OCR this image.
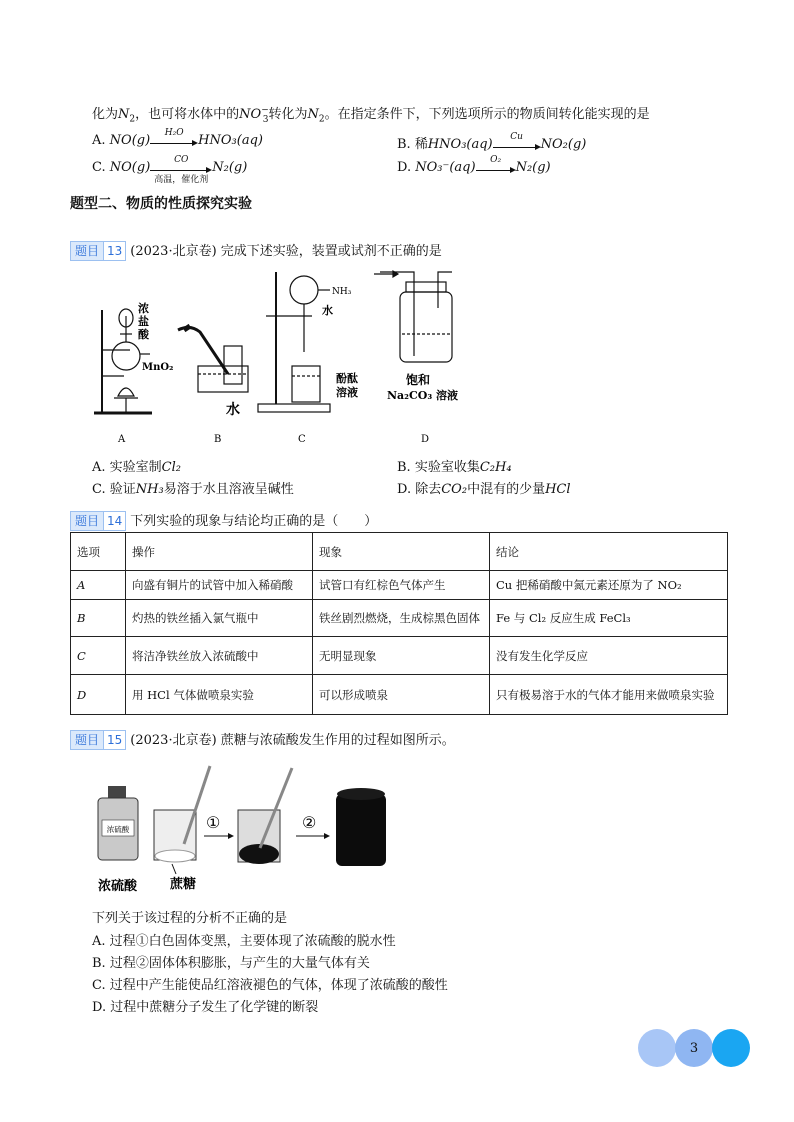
化为$N_2$，也可将水体中的$NO^-_3$转化为$N_2$。在指定条件下，下列选项所示的物质间转化能实现的是
A. NO(g)
H₂O
HNO₃(aq)	B. 稀HNO₃(aq)
Cu
NO₂(g)
C. NO(g)
CO
高温，催化剂
N₂(g)	D. NO₃⁻(aq)
O₂
N₂(g)
题型二、物质的性质探究实验
题目 13 (2023·北京卷) 完成下述实验，装置或试剂不正确的是
浓
盐
酸
MnO₂
A
水
B
NH₃
水
酚酞
溶液
C
饱和
Na₂CO₃ 溶液
D
A. 实验室制Cl₂	B. 实验室收集C₂H₄
C. 验证NH₃易溶于水且溶液呈碱性	D. 除去CO₂中混有的少量HCl
题目 14 下列实验的现象与结论均正确的是（　　）
选项	操作	现象	结论
A	向盛有铜片的试管中加入稀硝酸	试管口有红棕色气体产生	Cu 把稀硝酸中氮元素还原为了 NO₂
B	灼热的铁丝插入氯气瓶中	铁丝剧烈燃烧，生成棕黑色固体	Fe 与 Cl₂ 反应生成 FeCl₃
C	将洁净铁丝放入浓硫酸中	无明显现象	没有发生化学反应
D	用 HCl 气体做喷泉实验	可以形成喷泉	只有极易溶于水的气体才能用来做喷泉实验
题目 15 (2023·北京卷) 蔗糖与浓硫酸发生作用的过程如图所示。
浓硫酸	①	②
浓硫酸	蔗糖
下列关于该过程的分析不正确的是
A. 过程①白色固体变黑，主要体现了浓硫酸的脱水性
B. 过程②固体体积膨胀，与产生的大量气体有关
C. 过程中产生能使品红溶液褪色的气体，体现了浓硫酸的酸性
D. 过程中蔗糖分子发生了化学键的断裂
3
